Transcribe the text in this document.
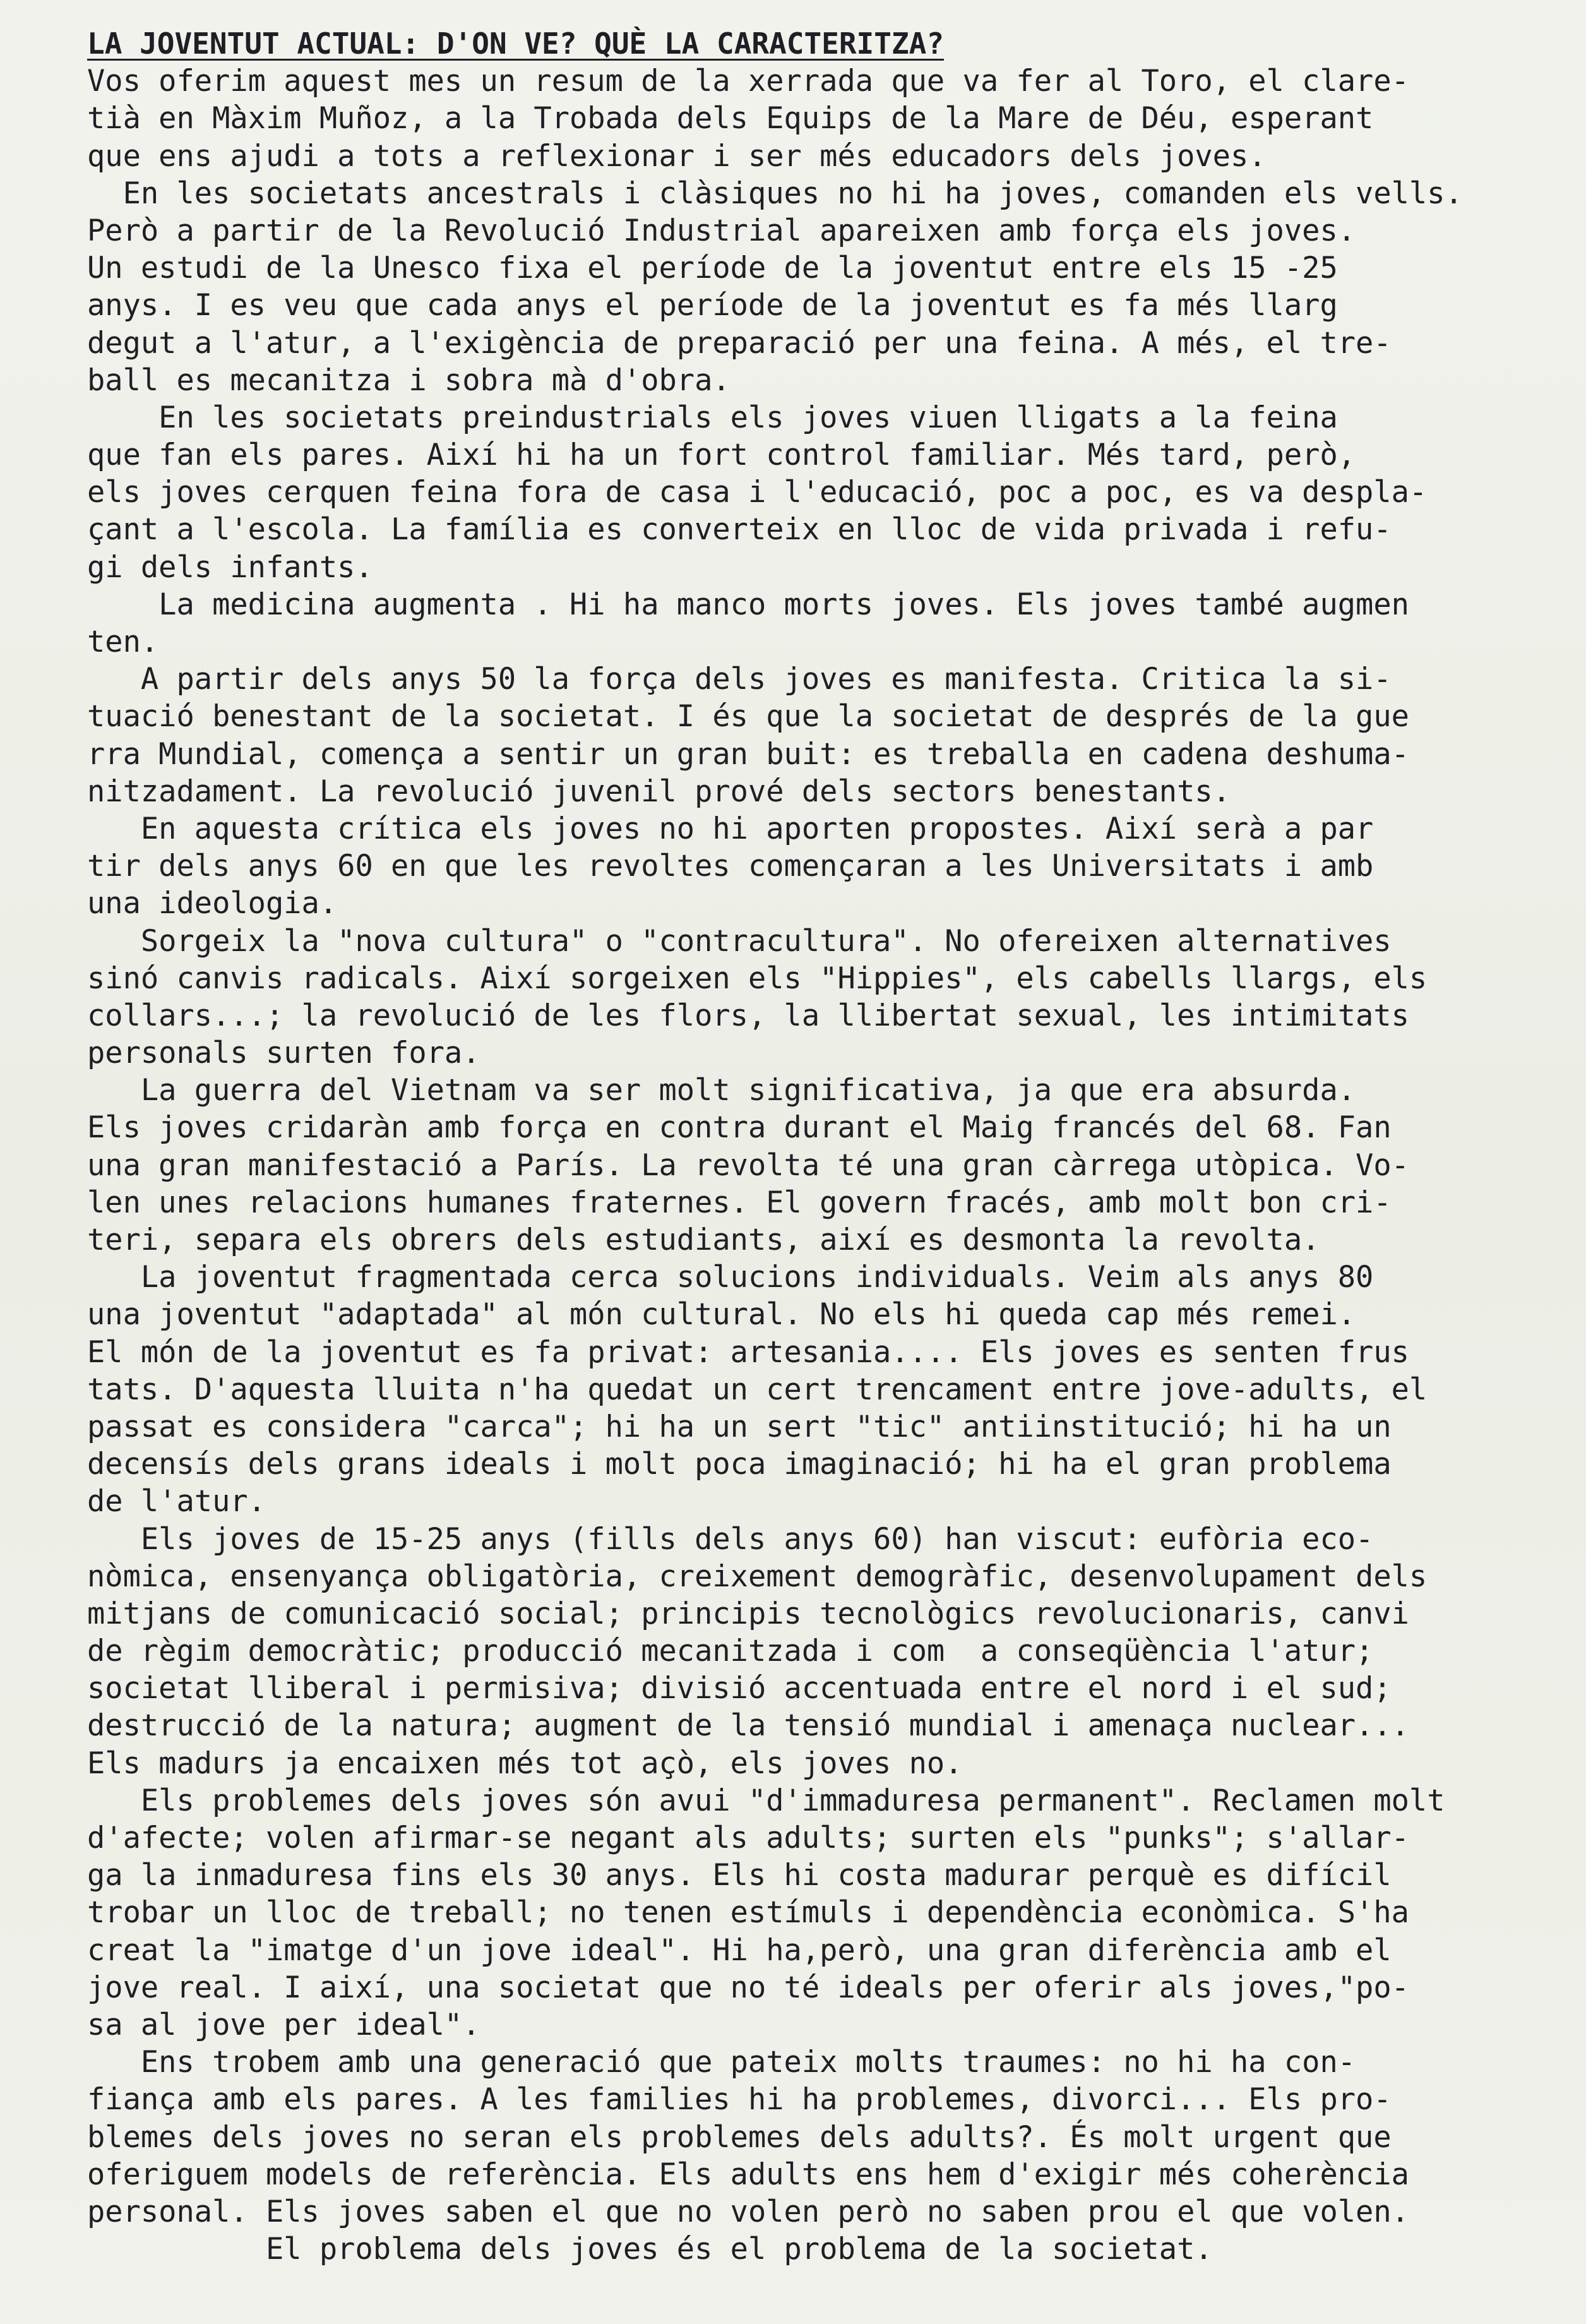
LA JOVENTUT ACTUAL: D'ON VE? QUÈ LA CARACTERITZA?

Vos oferim aquest mes un resum de la xerrada que va fer al Toro, el clare-

tià en Màxim Muñoz, a la Trobada dels Equips de la Mare de Déu, esperant

que ens ajudi a tots a reflexionar i ser més educadors dels joves.

En les societats ancestrals i clàsiques no hi ha joves, comanden els vells.

Però a partir de la Revolució Industrial apareixen amb força els joves.

Un estudi de la Unesco fixa el període de la joventut entre els 15 -25

anys. I es veu que cada anys el període de la joventut es fa més llarg

degut a l'atur, a l'exigència de preparació per una feina. A més, el tre-

ball es mecanitza i sobra mà d'obra.

En les societats preindustrials els joves viuen lligats a la feina

que fan els pares. Així hi ha un fort control familiar. Més tard, però,

els joves cerquen feina fora de casa i l'educació, poc a poc, es va despla-

çant a l'escola. La família es converteix en lloc de vida privada i refu-

gi dels infants.

La medicina augmenta . Hi ha manco morts joves. Els joves també augmen

ten.

A partir dels anys 50 la força dels joves es manifesta. Critica la si-

tuació benestant de la societat. I és que la societat de després de la gue

rra Mundial, comença a sentir un gran buit: es treballa en cadena deshuma-

nitzadament. La revolució juvenil prové dels sectors benestants.

En aquesta crítica els joves no hi aporten propostes. Així serà a par

tir dels anys 60 en que les revoltes començaran a les Universitats i amb

una ideologia.

Sorgeix la "nova cultura" o "contracultura". No ofereixen alternatives

sinó canvis radicals. Així sorgeixen els "Hippies", els cabells llargs, els

collars...; la revolució de les flors, la llibertat sexual, les intimitats

personals surten fora.

La guerra del Vietnam va ser molt significativa, ja que era absurda.

Els joves cridaràn amb força en contra durant el Maig francés del 68. Fan

una gran manifestació a París. La revolta té una gran càrrega utòpica. Vo-

len unes relacions humanes fraternes. El govern fracés, amb molt bon cri-

teri, separa els obrers dels estudiants, així es desmonta la revolta.

La joventut fragmentada cerca solucions individuals. Veim als anys 80

una joventut "adaptada" al món cultural. No els hi queda cap més remei.

El món de la joventut es fa privat: artesania.... Els joves es senten frus

tats. D'aquesta lluita n'ha quedat un cert trencament entre jove-adults, el

passat es considera "carca"; hi ha un sert "tic" antiinstitució; hi ha un

decensís dels grans ideals i molt poca imaginació; hi ha el gran problema

de l'atur.

Els joves de 15-25 anys (fills dels anys 60) han viscut: eufòria eco-

nòmica, ensenyança obligatòria, creixement demogràfic, desenvolupament dels

mitjans de comunicació social; principis tecnològics revolucionaris, canvi

de règim democràtic; producció mecanitzada i com  a conseqüència l'atur;

societat lliberal i permisiva; divisió accentuada entre el nord i el sud;

destrucció de la natura; augment de la tensió mundial i amenaça nuclear...

Els madurs ja encaixen més tot açò, els joves no.

Els problemes dels joves són avui "d'immaduresa permanent". Reclamen molt

d'afecte; volen afirmar-se negant als adults; surten els "punks"; s'allar-

ga la inmaduresa fins els 30 anys. Els hi costa madurar perquè es difícil

trobar un lloc de treball; no tenen estímuls i dependència econòmica. S'ha

creat la "imatge d'un jove ideal". Hi ha,però, una gran diferència amb el

jove real. I així, una societat que no té ideals per oferir als joves,"po-

sa al jove per ideal".

Ens trobem amb una generació que pateix molts traumes: no hi ha con-

fiança amb els pares. A les families hi ha problemes, divorci... Els pro-

blemes dels joves no seran els problemes dels adults?. És molt urgent que

oferiguem models de referència. Els adults ens hem d'exigir més coherència

personal. Els joves saben el que no volen però no saben prou el que volen.

El problema dels joves és el problema de la societat.
